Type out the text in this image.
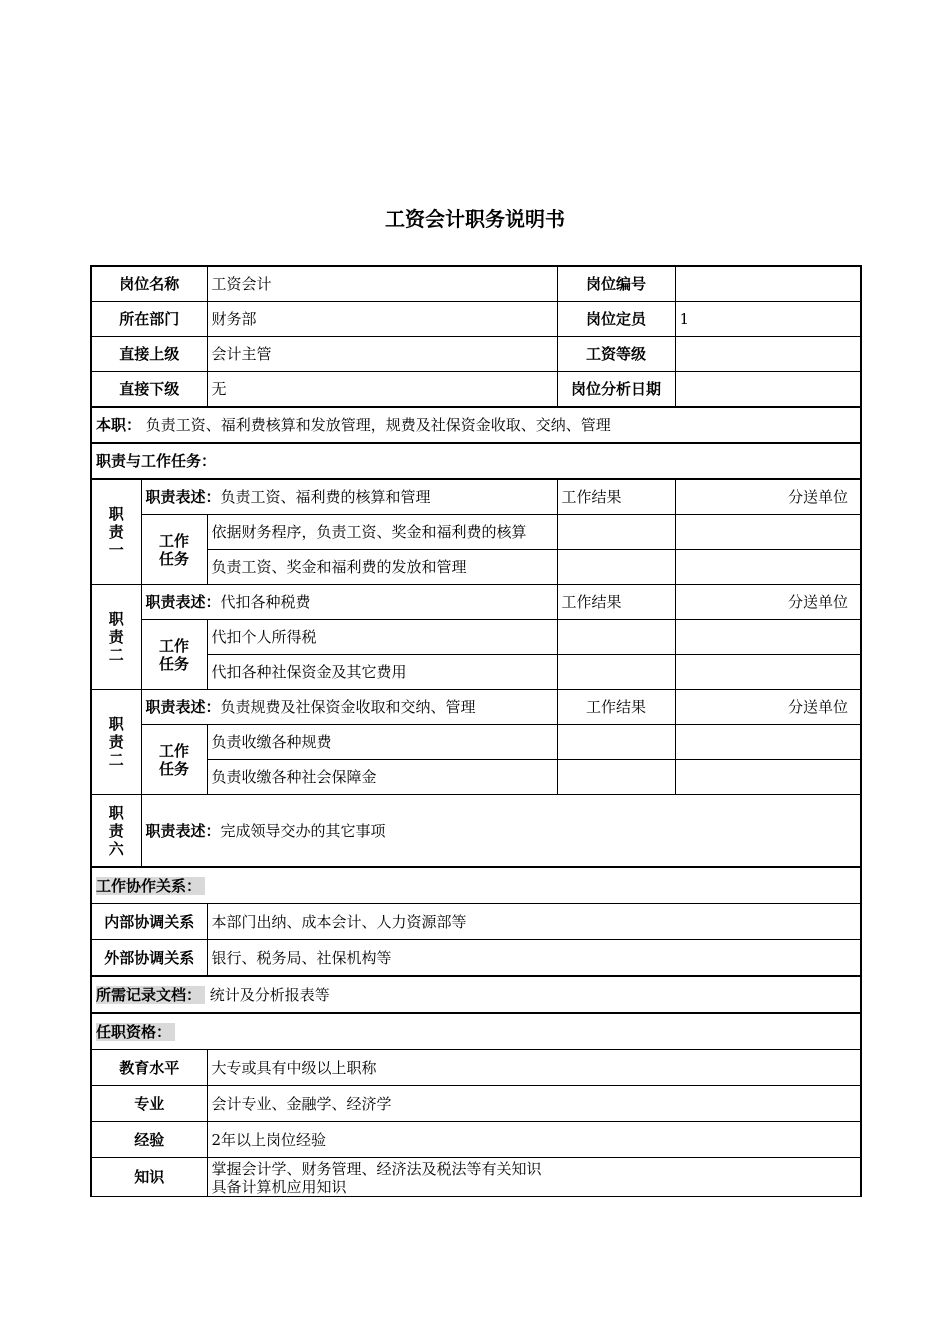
工资会计职务说明书
岗位名称		工资会计	岗位编号	
所在部门		财务部	岗位定员	1
直接上级		会计主管	工资等级	
直接下级		无	岗位分析日期	
本职： 负责工资、福利费核算和发放管理，规费及社保资金收取、交纳、管理				
职责与工作任务：				
职责一	职责表述：负责工资、福利费的核算和管理		工作结果	分送单位
	工作任务	依据财务程序，负责工资、奖金和福利费的核算		
		负责工资、奖金和福利费的发放和管理		
职责二	职责表述：代扣各种税费		工作结果	分送单位
	工作任务	代扣个人所得税		
		代扣各种社保资金及其它费用		
职责二	职责表述：负责规费及社保资金收取和交纳、管理		工作结果	分送单位
	工作任务	负责收缴各种规费		
		负责收缴各种社会保障金		
职责六	职责表述：完成领导交办的其它事项			
工作协作关系：				
内部协调关系		本部门出纳、成本会计、人力资源部等		
外部协调关系		银行、税务局、社保机构等		
所需记录文档： 统计及分析报表等				
任职资格：				
教育水平		大专或具有中级以上职称		
专业		会计专业、金融学、经济学		
经验		2年以上岗位经验		
知识		掌握会计学、财务管理、经济法及税法等有关知识
具备计算机应用知识		
